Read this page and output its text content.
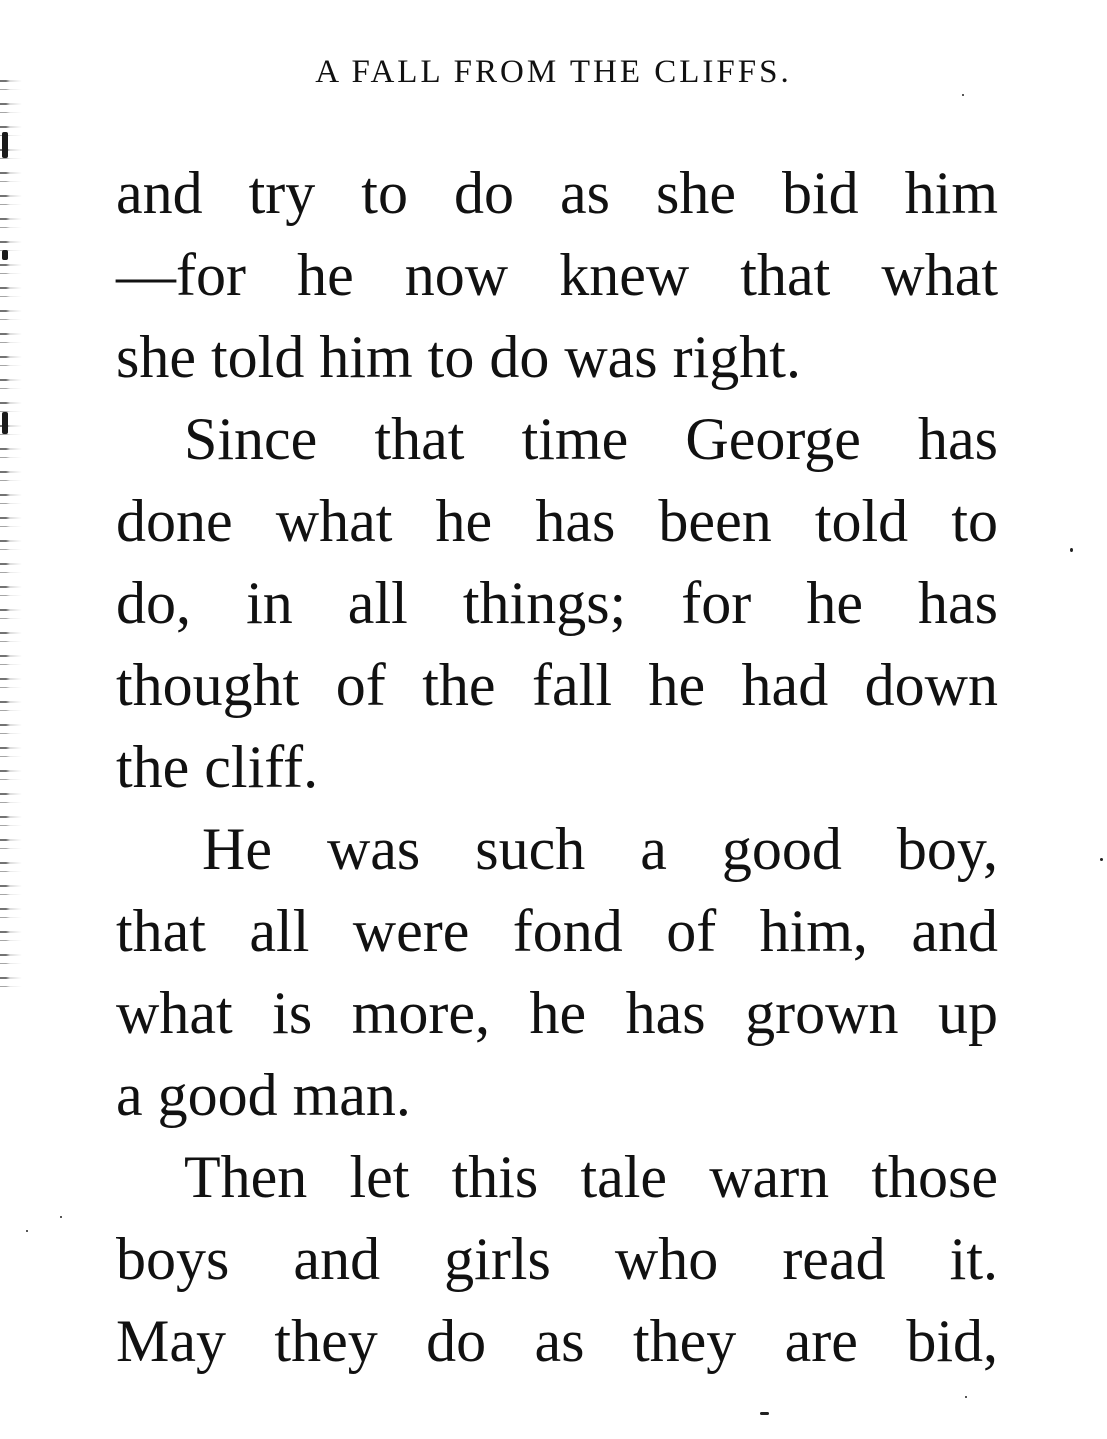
A FALL FROM THE CLIFFS.
and try to do as she bid him
—for he now knew that what
she told him to do was right.
Since that time George has
done what he has been told to
do, in all things; for he has
thought of the fall he had down
the cliff.
He was such a good boy,
that all were fond of him, and
what is more, he has grown up
a good man.
Then let this tale warn those
boys and girls who read it.
May they do as they are bid,
